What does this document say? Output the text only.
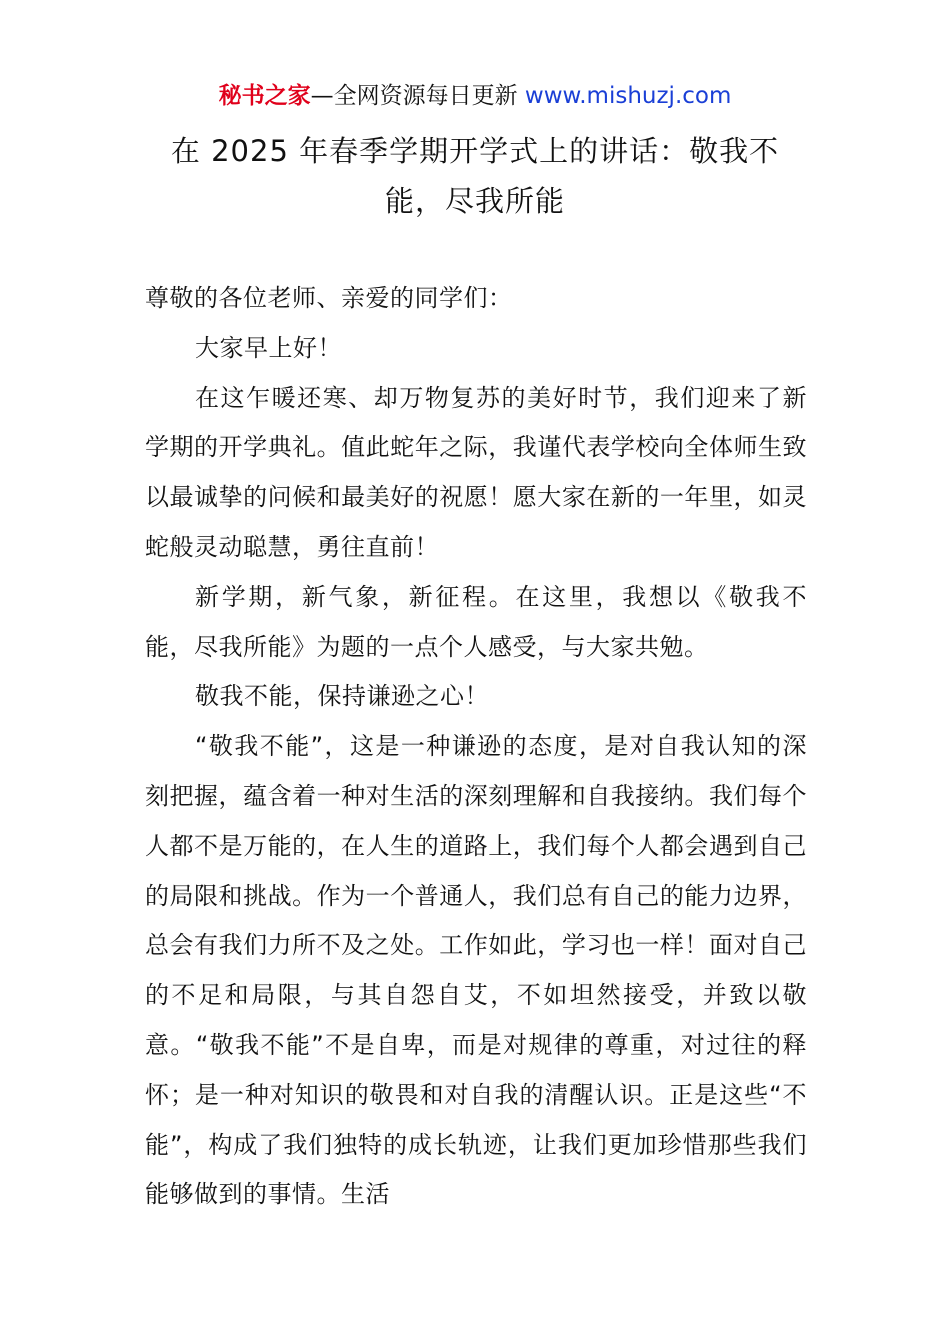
秘书之家—全网资源每日更新 www.mishuzj.com
在 2025 年春季学期开学式上的讲话：敬我不能，尽我所能

尊敬的各位老师、亲爱的同学们：

大家早上好！

在这乍暖还寒、却万物复苏的美好时节，我们迎来了新学期的开学典礼。值此蛇年之际，我谨代表学校向全体师生致以最诚挚的问候和最美好的祝愿！愿大家在新的一年里，如灵蛇般灵动聪慧，勇往直前！

新学期，新气象，新征程。在这里，我想以《敬我不能，尽我所能》为题的一点个人感受，与大家共勉。

敬我不能，保持谦逊之心！

“敬我不能”，这是一种谦逊的态度，是对自我认知的深刻把握，蕴含着一种对生活的深刻理解和自我接纳。我们每个人都不是万能的，在人生的道路上，我们每个人都会遇到自己的局限和挑战。作为一个普通人，我们总有自己的能力边界，总会有我们力所不及之处。工作如此，学习也一样！面对自己的不足和局限，与其自怨自艾，不如坦然接受，并致以敬意。“敬我不能”不是自卑，而是对规律的尊重，对过往的释怀；是一种对知识的敬畏和对自我的清醒认识。正是这些“不能”，构成了我们独特的成长轨迹，让我们更加珍惜那些我们能够做到的事情。生活
